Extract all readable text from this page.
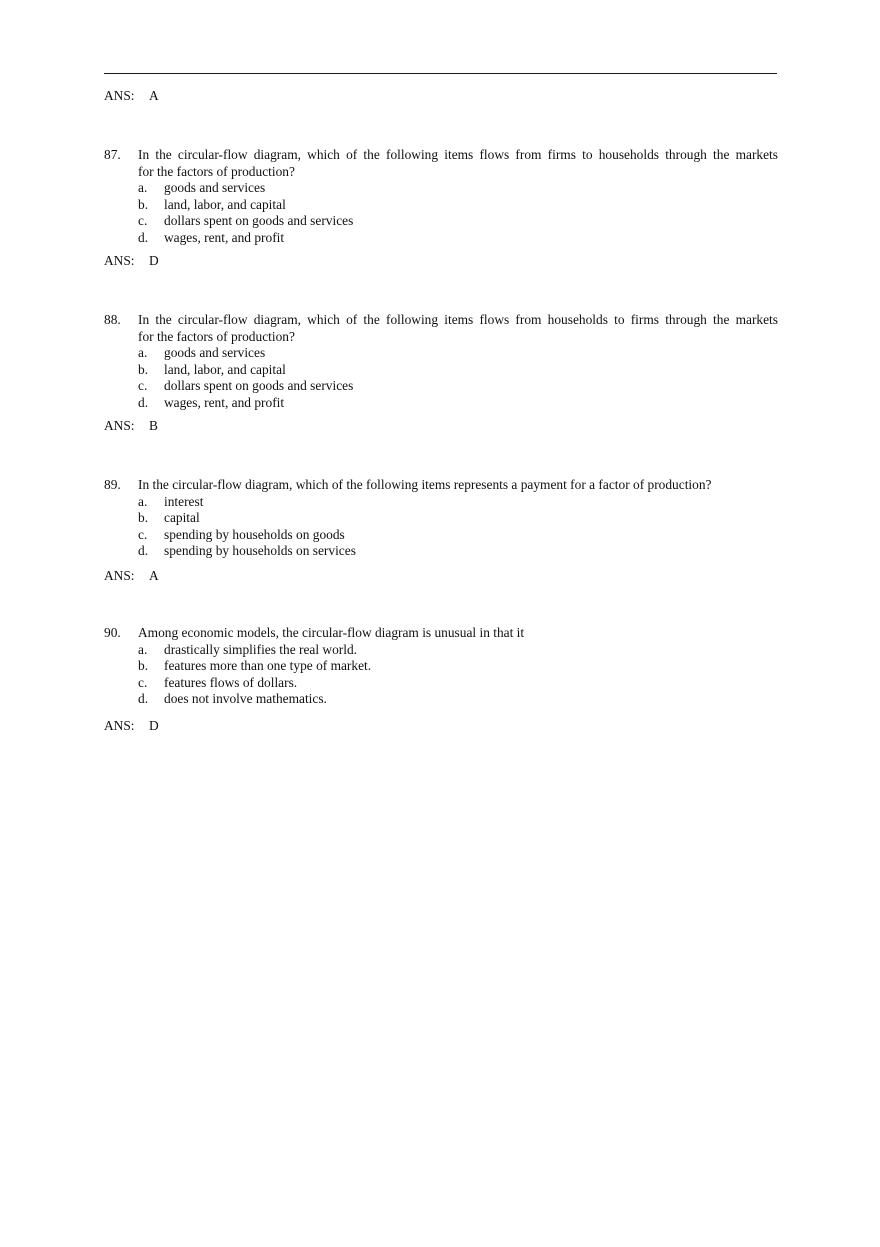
ANS: A
87. In the circular-flow diagram, which of the following items flows from firms to households through the markets
for the factors of production?
a. goods and services
b. land, labor, and capital
c. dollars spent on goods and services
d. wages, rent, and profit
ANS: D
88. In the circular-flow diagram, which of the following items flows from households to firms through the markets
for the factors of production?
a. goods and services
b. land, labor, and capital
c. dollars spent on goods and services
d. wages, rent, and profit
ANS: B
89. In the circular-flow diagram, which of the following items represents a payment for a factor of production?
a. interest
b. capital
c. spending by households on goods
d. spending by households on services
ANS: A
90. Among economic models, the circular-flow diagram is unusual in that it
a. drastically simplifies the real world.
b. features more than one type of market.
c. features flows of dollars.
d. does not involve mathematics.
ANS: D
